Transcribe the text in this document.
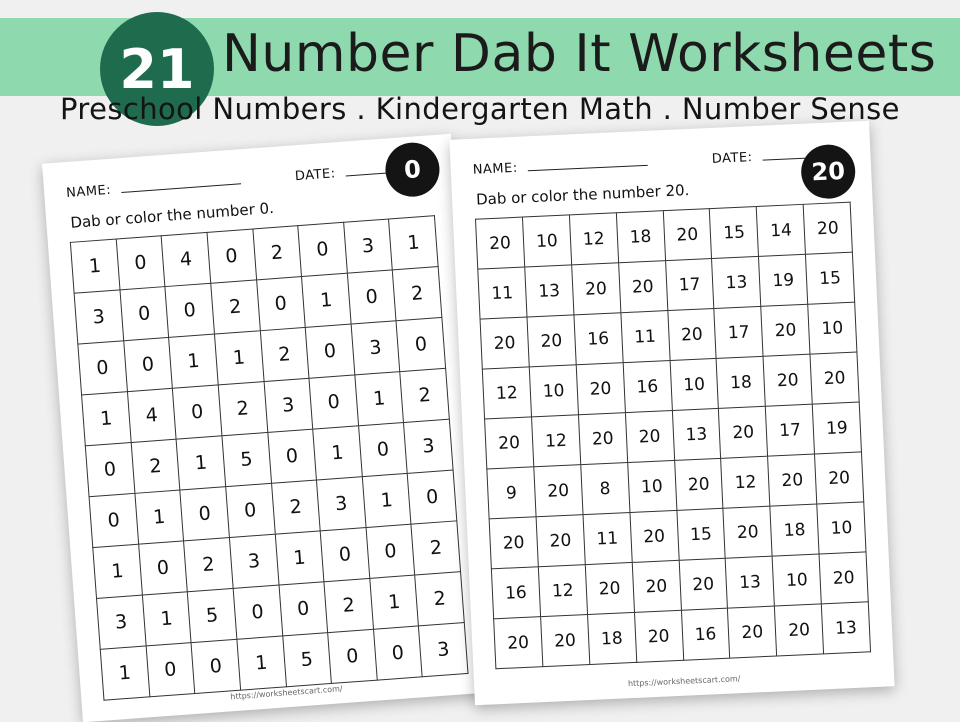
Number Dab It Worksheets
21
Preschool Numbers . Kindergarten Math . Number Sense
NAME:
DATE:
Dab or color the number 0.
0
1	0	4	0	2	0	3	1
3	0	0	2	0	1	0	2
0	0	1	1	2	0	3	0
1	4	0	2	3	0	1	2
0	2	1	5	0	1	0	3
0	1	0	0	2	3	1	0
1	0	2	3	1	0	0	2
3	1	5	0	0	2	1	2
1	0	0	1	5	0	0	3
https://worksheetscart.com/
NAME:
DATE:
Dab or color the number 20.
20
20	10	12	18	20	15	14	20
11	13	20	20	17	13	19	15
20	20	16	11	20	17	20	10
12	10	20	16	10	18	20	20
20	12	20	20	13	20	17	19
9	20	8	10	20	12	20	20
20	20	11	20	15	20	18	10
16	12	20	20	20	13	10	20
20	20	18	20	16	20	20	13
https://worksheetscart.com/
